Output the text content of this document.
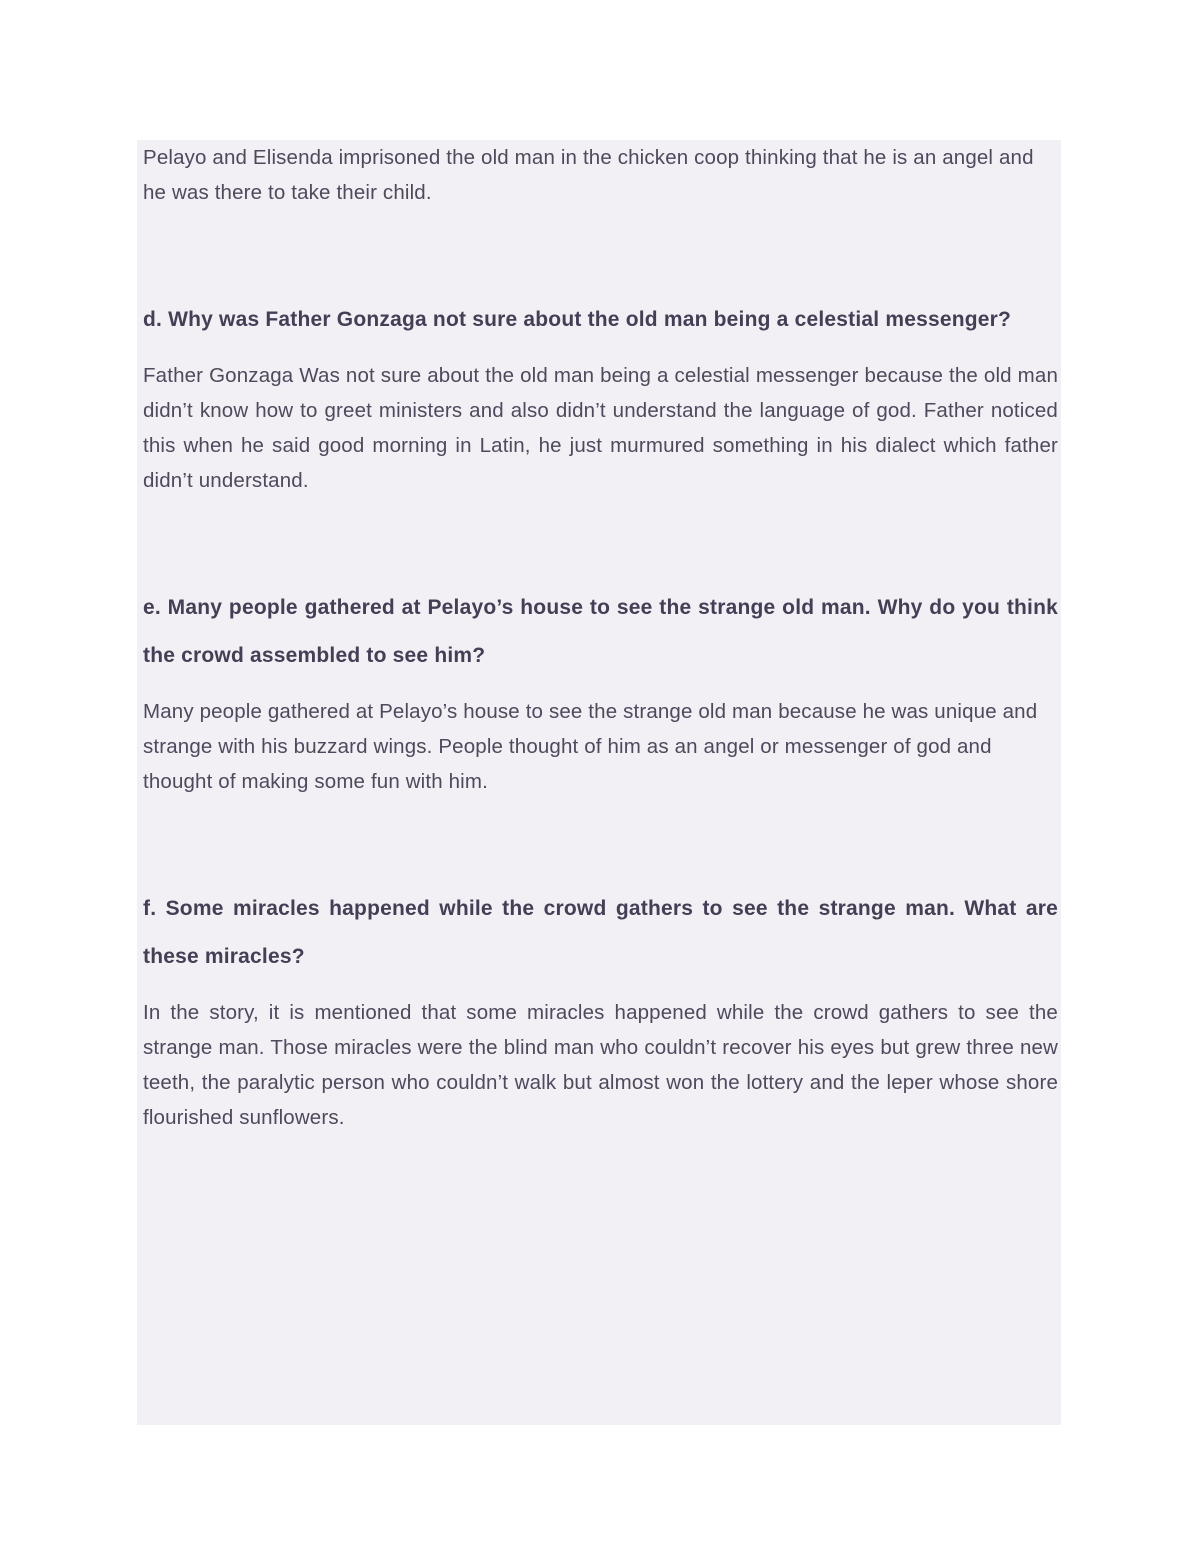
Pelayo and Elisenda imprisoned the old man in the chicken coop thinking that he is an angel and he was there to take their child.

d. Why was Father Gonzaga not sure about the old man being a celestial messenger?

Father Gonzaga Was not sure about the old man being a celestial messenger because the old man didn’t know how to greet ministers and also didn’t understand the language of god. Father noticed this when he said good morning in Latin, he just murmured something in his dialect which father didn’t understand.

e. Many people gathered at Pelayo’s house to see the strange old man. Why do you think the crowd assembled to see him?

Many people gathered at Pelayo’s house to see the strange old man because he was unique and strange with his buzzard wings. People thought of him as an angel or messenger of god and thought of making some fun with him.

f. Some miracles happened while the crowd gathers to see the strange man. What are these miracles?

In the story, it is mentioned that some miracles happened while the crowd gathers to see the strange man. Those miracles were the blind man who couldn’t recover his eyes but grew three new teeth, the paralytic person who couldn’t walk but almost won the lottery and the leper whose shore flourished sunflowers.
